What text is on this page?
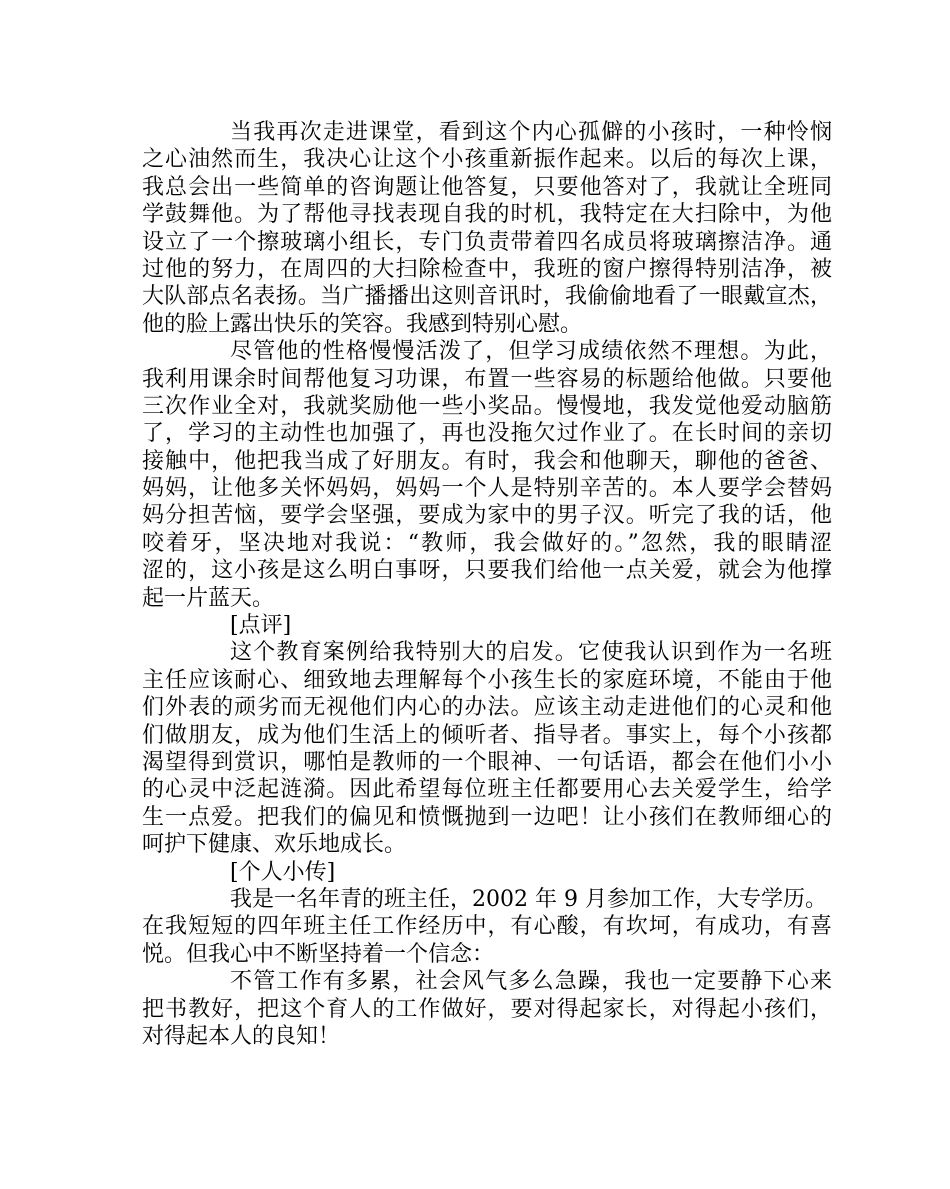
当我再次走进课堂，看到这个内心孤僻的小孩时，一种怜悯
之心油然而生，我决心让这个小孩重新振作起来。以后的每次上课，
我总会出一些简单的咨询题让他答复，只要他答对了，我就让全班同
学鼓舞他。为了帮他寻找表现自我的时机，我特定在大扫除中，为他
设立了一个擦玻璃小组长，专门负责带着四名成员将玻璃擦洁净。通
过他的努力，在周四的大扫除检查中，我班的窗户擦得特别洁净，被
大队部点名表扬。当广播播出这则音讯时，我偷偷地看了一眼戴宣杰，
他的脸上露出快乐的笑容。我感到特别心慰。
尽管他的性格慢慢活泼了，但学习成绩依然不理想。为此，
我利用课余时间帮他复习功课，布置一些容易的标题给他做。只要他
三次作业全对，我就奖励他一些小奖品。慢慢地，我发觉他爱动脑筋
了，学习的主动性也加强了，再也没拖欠过作业了。在长时间的亲切
接触中，他把我当成了好朋友。有时，我会和他聊天，聊他的爸爸、
妈妈，让他多关怀妈妈，妈妈一个人是特别辛苦的。本人要学会替妈
妈分担苦恼，要学会坚强，要成为家中的男子汉。听完了我的话，他
咬着牙，坚决地对我说：“教师，我会做好的。”忽然，我的眼睛涩
涩的，这小孩是这么明白事呀，只要我们给他一点关爱，就会为他撑
起一片蓝天。
[点评]
这个教育案例给我特别大的启发。它使我认识到作为一名班
主任应该耐心、细致地去理解每个小孩生长的家庭环境，不能由于他
们外表的顽劣而无视他们内心的办法。应该主动走进他们的心灵和他
们做朋友，成为他们生活上的倾听者、指导者。事实上，每个小孩都
渴望得到赏识，哪怕是教师的一个眼神、一句话语，都会在他们小小
的心灵中泛起涟漪。因此希望每位班主任都要用心去关爱学生，给学
生一点爱。把我们的偏见和愤慨抛到一边吧！让小孩们在教师细心的
呵护下健康、欢乐地成长。
[个人小传]
我是一名年青的班主任，2002 年 9 月参加工作，大专学历。
在我短短的四年班主任工作经历中，有心酸，有坎坷，有成功，有喜
悦。但我心中不断坚持着一个信念：
不管工作有多累，社会风气多么急躁，我也一定要静下心来
把书教好，把这个育人的工作做好，要对得起家长，对得起小孩们，
对得起本人的良知！
